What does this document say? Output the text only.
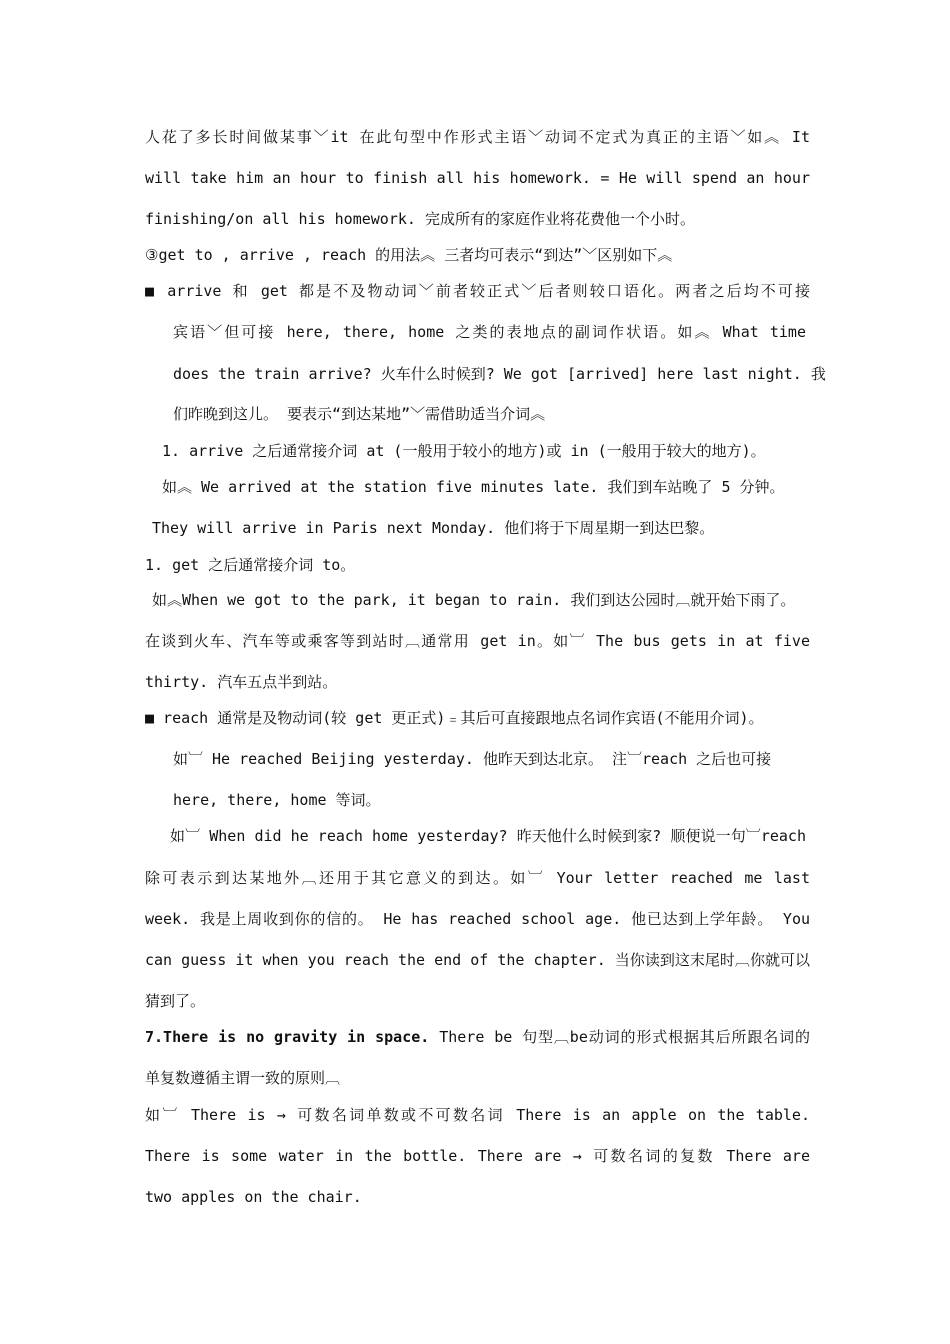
人花了多长时间做某事﹀it 在此句型中作形式主语﹀动词不定式为真正的主语﹀如︽ It
will take him an hour to finish all his homework. = He will spend an hour
finishing/on all his homework. 完成所有的家庭作业将花费他一个小时。
③get to , arrive , reach 的用法︽ 三者均可表示“到达”﹀区别如下︽
■ arrive 和 get 都是不及物动词﹀前者较正式﹀后者则较口语化。两者之后均不可接
宾语﹀但可接 here, there, home 之类的表地点的副词作状语。如︽ What time
does the train arrive? 火车什么时候到? We got [arrived] here last night. 我
们昨晚到这儿。 要表示“到达某地”﹀需借助适当介词︽
1. arrive 之后通常接介词 at (一般用于较小的地方)或 in (一般用于较大的地方)。
如︽ We arrived at the station five minutes late. 我们到车站晚了 5 分钟。
They will arrive in Paris next Monday. 他们将于下周星期一到达巴黎。
1. get 之后通常接介词 to。
如︽When we got to the park, it began to rain. 我们到达公园时︹就开始下雨了。
在谈到火车、汽车等或乘客等到站时︹通常用 get in。如︺ The bus gets in at five
thirty. 汽车五点半到站。
■ reach 通常是及物动词(较 get 更正式)﹦其后可直接跟地点名词作宾语(不能用介词)。
如︺ He reached Beijing yesterday. 他昨天到达北京。 注︺reach 之后也可接
here, there, home 等词。
如︺ When did he reach home yesterday? 昨天他什么时候到家? 顺便说一句︺reach
除可表示到达某地外︹还用于其它意义的到达。如︺ Your letter reached me last
week. 我是上周收到你的信的。 He has reached school age. 他已达到上学年龄。 You
can guess it when you reach the end of the chapter. 当你读到这末尾时︹你就可以
猜到了。
7.There is no gravity in space. There be 句型︹be动词的形式根据其后所跟名词的
单复数遵循主谓一致的原则︹
如︺ There is → 可数名词单数或不可数名词 There is an apple on the table.
There is some water in the bottle. There are → 可数名词的复数 There are
two apples on the chair.
